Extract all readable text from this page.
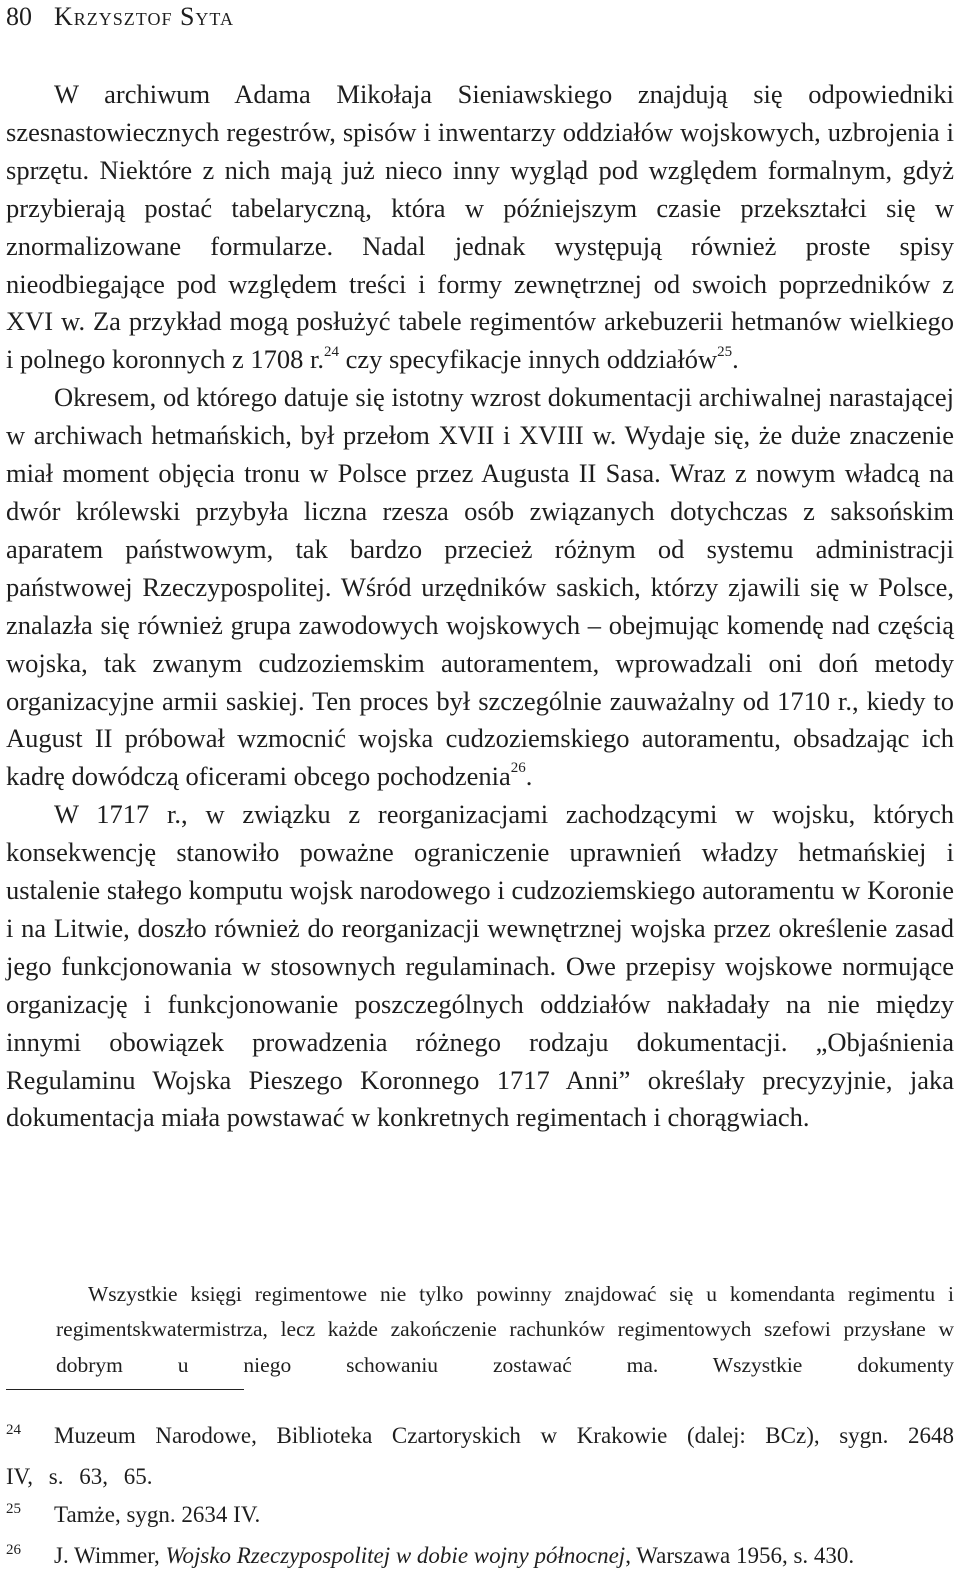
80 Krzysztof Syta

W archiwum Adama Mikołaja Sieniawskiego znajdują się odpowiedniki szesnastowiecznych regestrów, spisów i inwentarzy oddziałów wojskowych, uzbrojenia i sprzętu. Niektóre z nich mają już nieco inny wygląd pod względem formalnym, gdyż przybierają postać tabelaryczną, która w późniejszym czasie przekształci się w znormalizowane formularze. Nadal jednak występują również proste spisy nieodbiegające pod względem treści i formy zewnętrznej od swoich poprzedników z XVI w. Za przykład mogą posłużyć tabele regimentów arkebuzerii hetmanów wielkiego i polnego koronnych z 1708 r.$^{24}$ czy specyfikacje innych oddziałów$^{25}$.

Okresem, od którego datuje się istotny wzrost dokumentacji archiwalnej narastającej w archiwach hetmańskich, był przełom XVII i XVIII w. Wydaje się, że duże znaczenie miał moment objęcia tronu w Polsce przez Augusta II Sasa. Wraz z nowym władcą na dwór królewski przybyła liczna rzesza osób związanych dotychczas z saksońskim aparatem państwowym, tak bardzo przecież różnym od systemu administracji państwowej Rzeczypospolitej. Wśród urzędników saskich, którzy zjawili się w Polsce, znalazła się również grupa zawodowych wojskowych – obejmując komendę nad częścią wojska, tak zwanym cudzoziemskim autoramentem, wprowadzali oni doń metody organizacyjne armii saskiej. Ten proces był szczególnie zauważalny od 1710 r., kiedy to August II próbował wzmocnić wojska cudzoziemskiego autoramentu, obsadzając ich kadrę dowódczą oficerami obcego pochodzenia$^{26}$.

W 1717 r., w związku z reorganizacjami zachodzącymi w wojsku, których konsekwencję stanowiło poważne ograniczenie uprawnień władzy hetmańskiej i ustalenie stałego komputu wojsk narodowego i cudzoziemskiego autoramentu w Koronie i na Litwie, doszło również do reorganizacji wewnętrznej wojska przez określenie zasad jego funkcjonowania w stosownych regulaminach. Owe przepisy wojskowe normujące organizację i funkcjonowanie poszczególnych oddziałów nakładały na nie między innymi obowiązek prowadzenia różnego rodzaju dokumentacji. „Objaśnienia Regulaminu Wojska Pieszego Koronnego 1717 Anni” określały precyzyjnie, jaka dokumentacja miała powstawać w konkretnych regimentach i chorągwiach.

Wszystkie księgi regimentowe nie tylko powinny znajdować się u komendanta regimentu i regimentskwatermistrza, lecz każde zakończenie rachunków regimentowych szefowi przysłane w dobrym u niego schowaniu zostawać ma. Wszystkie dokumenty

24 Muzeum Narodowe, Biblioteka Czartoryskich w Krakowie (dalej: BCz), sygn. 2648 IV, s. 63, 65.

25 Tamże, sygn. 2634 IV.

26 J. Wimmer, Wojsko Rzeczypospolitej w dobie wojny północnej, Warszawa 1956, s. 430.
